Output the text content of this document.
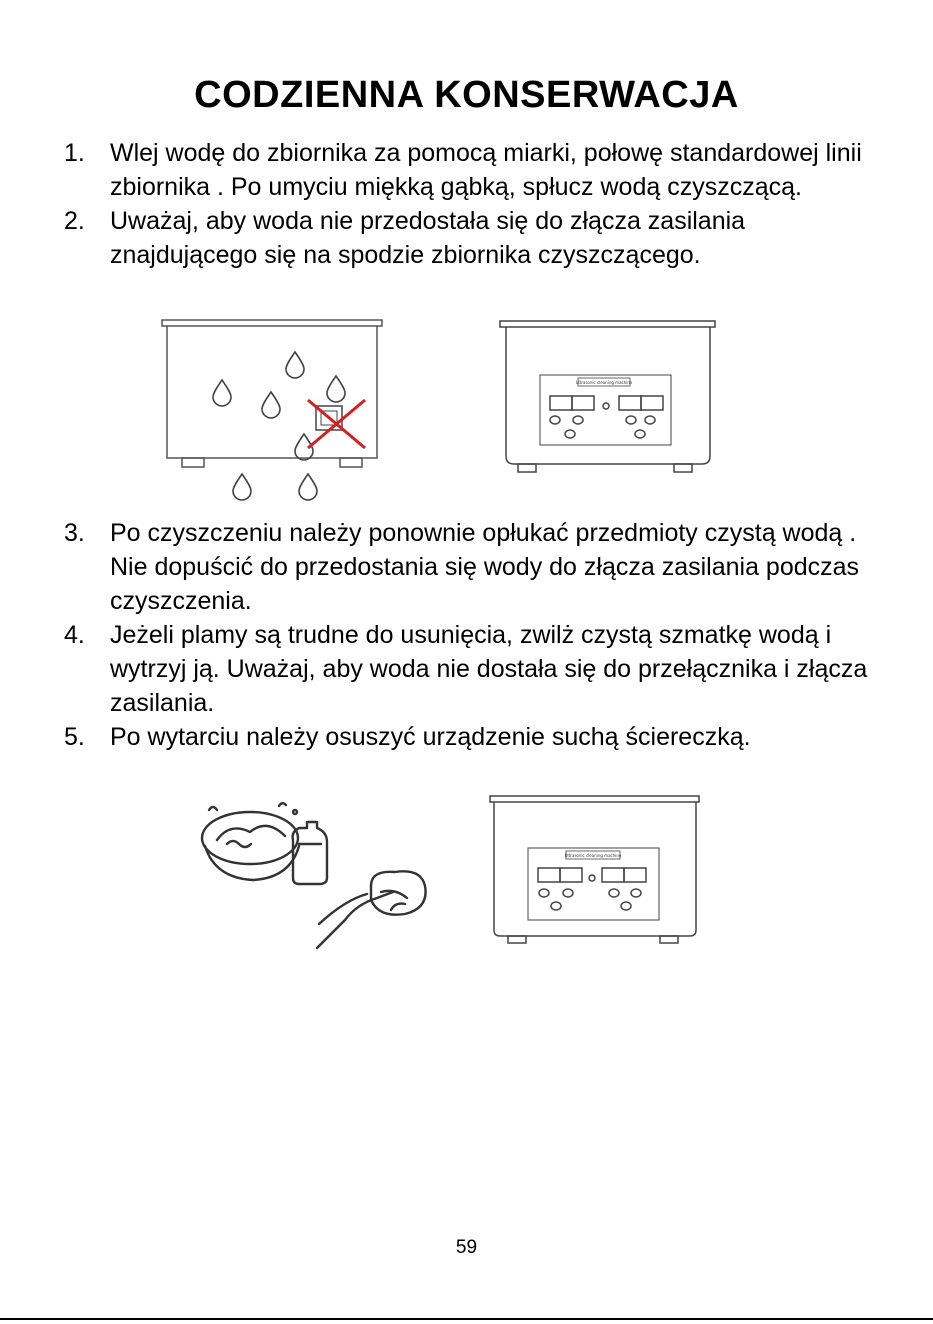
CODZIENNA KONSERWACJA
1. Wlej wodę do zbiornika za pomocą miarki, połowę standardowej linii zbiornika . Po umyciu miękką gąbką, spłucz wodą czyszczącą.
2. Uważaj, aby woda nie przedostała się do złącza zasilania znajdującego się na spodzie zbiornika czyszczącego.
Ultrasonic cleaning machine
3. Po czyszczeniu należy ponownie opłukać przedmioty czystą wodą . Nie dopuścić do przedostania się wody do złącza zasilania podczas czyszczenia.
4. Jeżeli plamy są trudne do usunięcia, zwilż czystą szmatkę wodą i wytrzyj ją. Uważaj, aby woda nie dostała się do przełącznika i złącza zasilania.
5. Po wytarciu należy osuszyć urządzenie suchą ściereczką.
Ultrasonic cleaning machine
59
